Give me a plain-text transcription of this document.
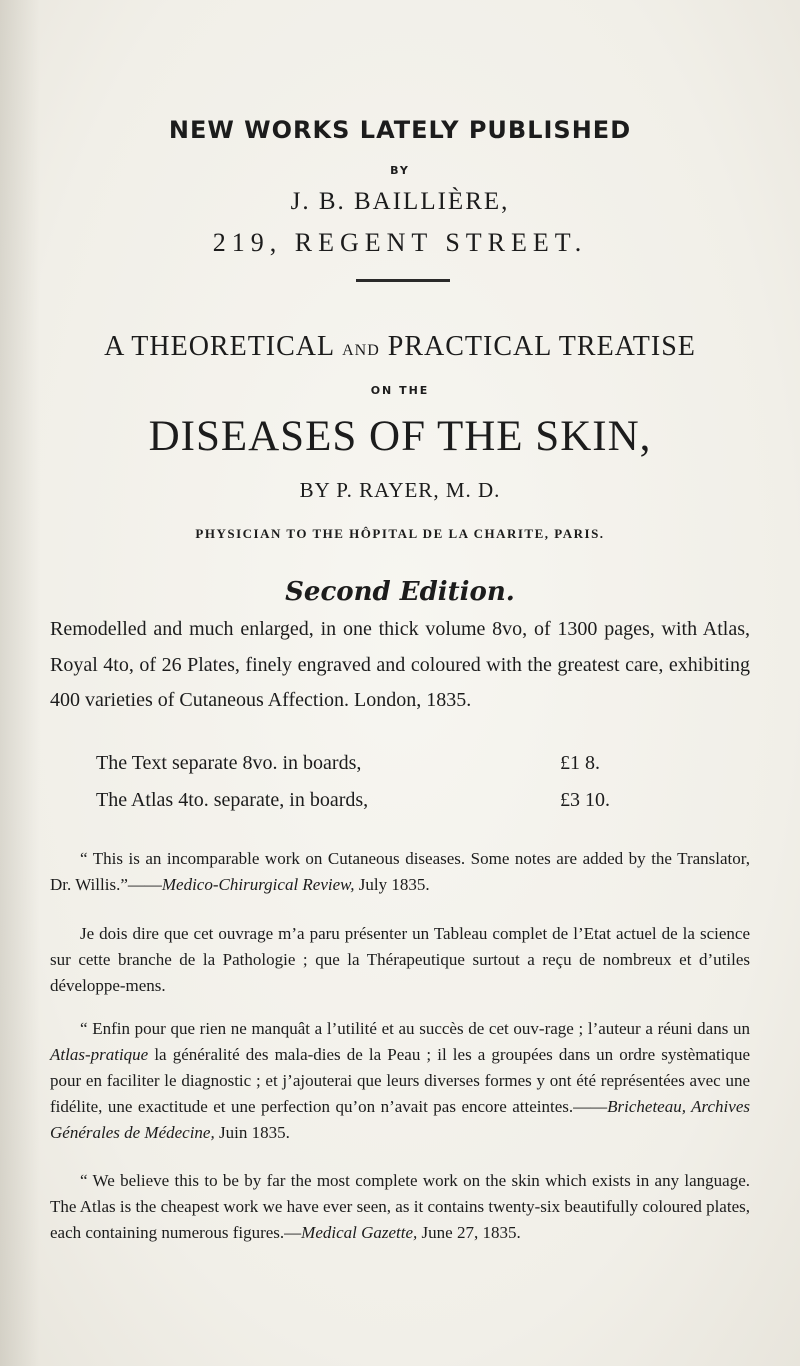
NEW WORKS LATELY PUBLISHED
BY
J. B. BAILLIÈRE,
219, REGENT STREET.
A THEORETICAL AND PRACTICAL TREATISE
ON THE
DISEASES OF THE SKIN,
BY P. RAYER, M. D.
PHYSICIAN TO THE HÔPITAL DE LA CHARITE, PARIS.
Second Edition.
Remodelled and much enlarged, in one thick volume 8vo, of 1300 pages, with Atlas, Royal 4to, of 26 Plates, finely engraved and coloured with the greatest care, exhibiting 400 varieties of Cutaneous Affection. London, 1835.
The Text separate 8vo. in boards,	£1 8.
The Atlas 4to. separate, in boards,	£3 10.
“ This is an incomparable work on Cutaneous diseases. Some notes are added by the Translator, Dr. Willis.”——Medico-Chirurgical Review, July 1835.
Je dois dire que cet ouvrage m’a paru présenter un Tableau complet de l’Etat actuel de la science sur cette branche de la Pathologie ; que la Thérapeutique surtout a reçu de nombreux et d’utiles développe-mens.
“ Enfin pour que rien ne manquât a l’utilité et au succès de cet ouv-rage ; l’auteur a réuni dans un Atlas-pratique la généralité des mala-dies de la Peau ; il les a groupées dans un ordre systèmatique pour en faciliter le diagnostic ; et j’ajouterai que leurs diverses formes y ont été représentées avec une fidélite, une exactitude et une perfection qu’on n’avait pas encore atteintes.——Bricheteau, Archives Générales de Médecine, Juin 1835.
“ We believe this to be by far the most complete work on the skin which exists in any language. The Atlas is the cheapest work we have ever seen, as it contains twenty-six beautifully coloured plates, each containing numerous figures.—Medical Gazette, June 27, 1835.
